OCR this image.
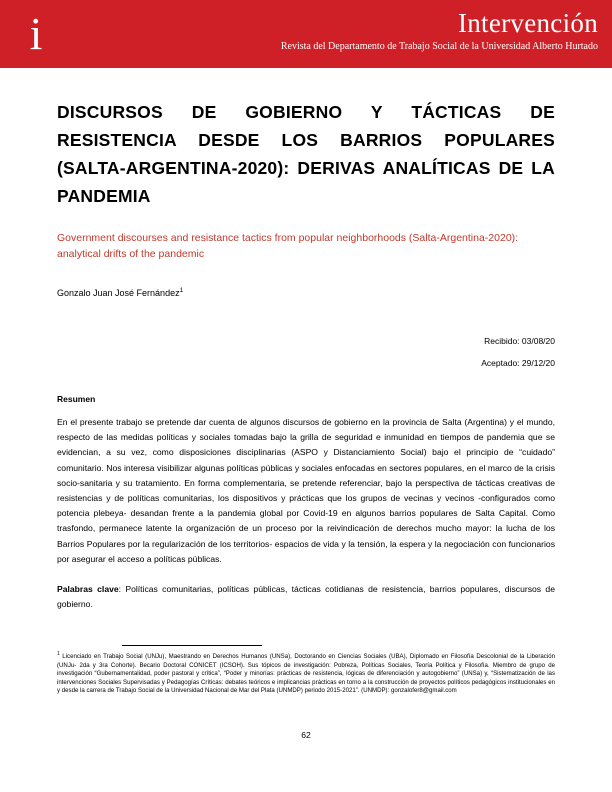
i	Intervención
Revista del Departamento de Trabajo Social de la Universidad Alberto Hurtado
DISCURSOS DE GOBIERNO Y TÁCTICAS DE
RESISTENCIA DESDE LOS BARRIOS POPULARES
(SALTA-ARGENTINA-2020): DERIVAS ANALÍTICAS DE LA
PANDEMIA
Government discourses and resistance tactics from popular neighborhoods (Salta-Argentina-2020): analytical drifts of the pandemic
Gonzalo Juan José Fernández$^1$
Recibido: 03/08/20
Aceptado: 29/12/20
Resumen
En el presente trabajo se pretende dar cuenta de algunos discursos de gobierno en la provincia de Salta (Argentina) y el mundo, respecto de las medidas políticas y sociales tomadas bajo la grilla de seguridad e inmunidad en tiempos de pandemia que se evidencian, a su vez, como disposiciones disciplinarias (ASPO y Distanciamiento Social) bajo el principio de “cuidado” comunitario. Nos interesa visibilizar algunas políticas públicas y sociales enfocadas en sectores populares, en el marco de la crisis socio-sanitaria y su tratamiento. En forma complementaria, se pretende referenciar, bajo la perspectiva de tácticas creativas de resistencias y de políticas comunitarias, los dispositivos y prácticas que los grupos de vecinas y vecinos -configurados como potencia plebeya- desandan frente a la pandemia global por Covid-19 en algunos barrios populares de Salta Capital. Como trasfondo, permanece latente la organización de un proceso por la reivindicación de derechos mucho mayor: la lucha de los Barrios Populares por la regularización de los territorios- espacios de vida y la tensión, la espera y la negociación con funcionarios por asegurar el acceso a políticas públicas.
Palabras clave: Políticas comunitarias, políticas públicas, tácticas cotidianas de resistencia, barrios populares, discursos de gobierno.
$^1$ Licenciado en Trabajo Social (UNJu), Maestrando en Derechos Humanos (UNSa), Doctorando en Ciencias Sociales (UBA), Diplomado en Filosofía Descolonial de la Liberación (UNJu- 2da y 3ra Cohorte). Becario Doctoral CONICET (ICSOH). Sus tópicos de investigación: Pobreza, Políticas Sociales, Teoría Política y Filosofía. Miembro de grupo de investigación “Gubernamentalidad, poder pastoral y crítica”, “Poder y minorías: prácticas de resistencia, lógicas de diferenciación y autogobierno” (UNSa) y, “Sistematización de las intervenciones Sociales Supervisadas y Pedagogías Críticas: debates teóricos e implicancias prácticas en torno a la construcción de proyectos políticos pedagógicos institucionales en y desde la carrera de Trabajo Social de la Universidad Nacional de Mar del Plata (UNMDP) periodo 2015-2021”. (UNMDP): gonzalofer8@gmail.com
62
